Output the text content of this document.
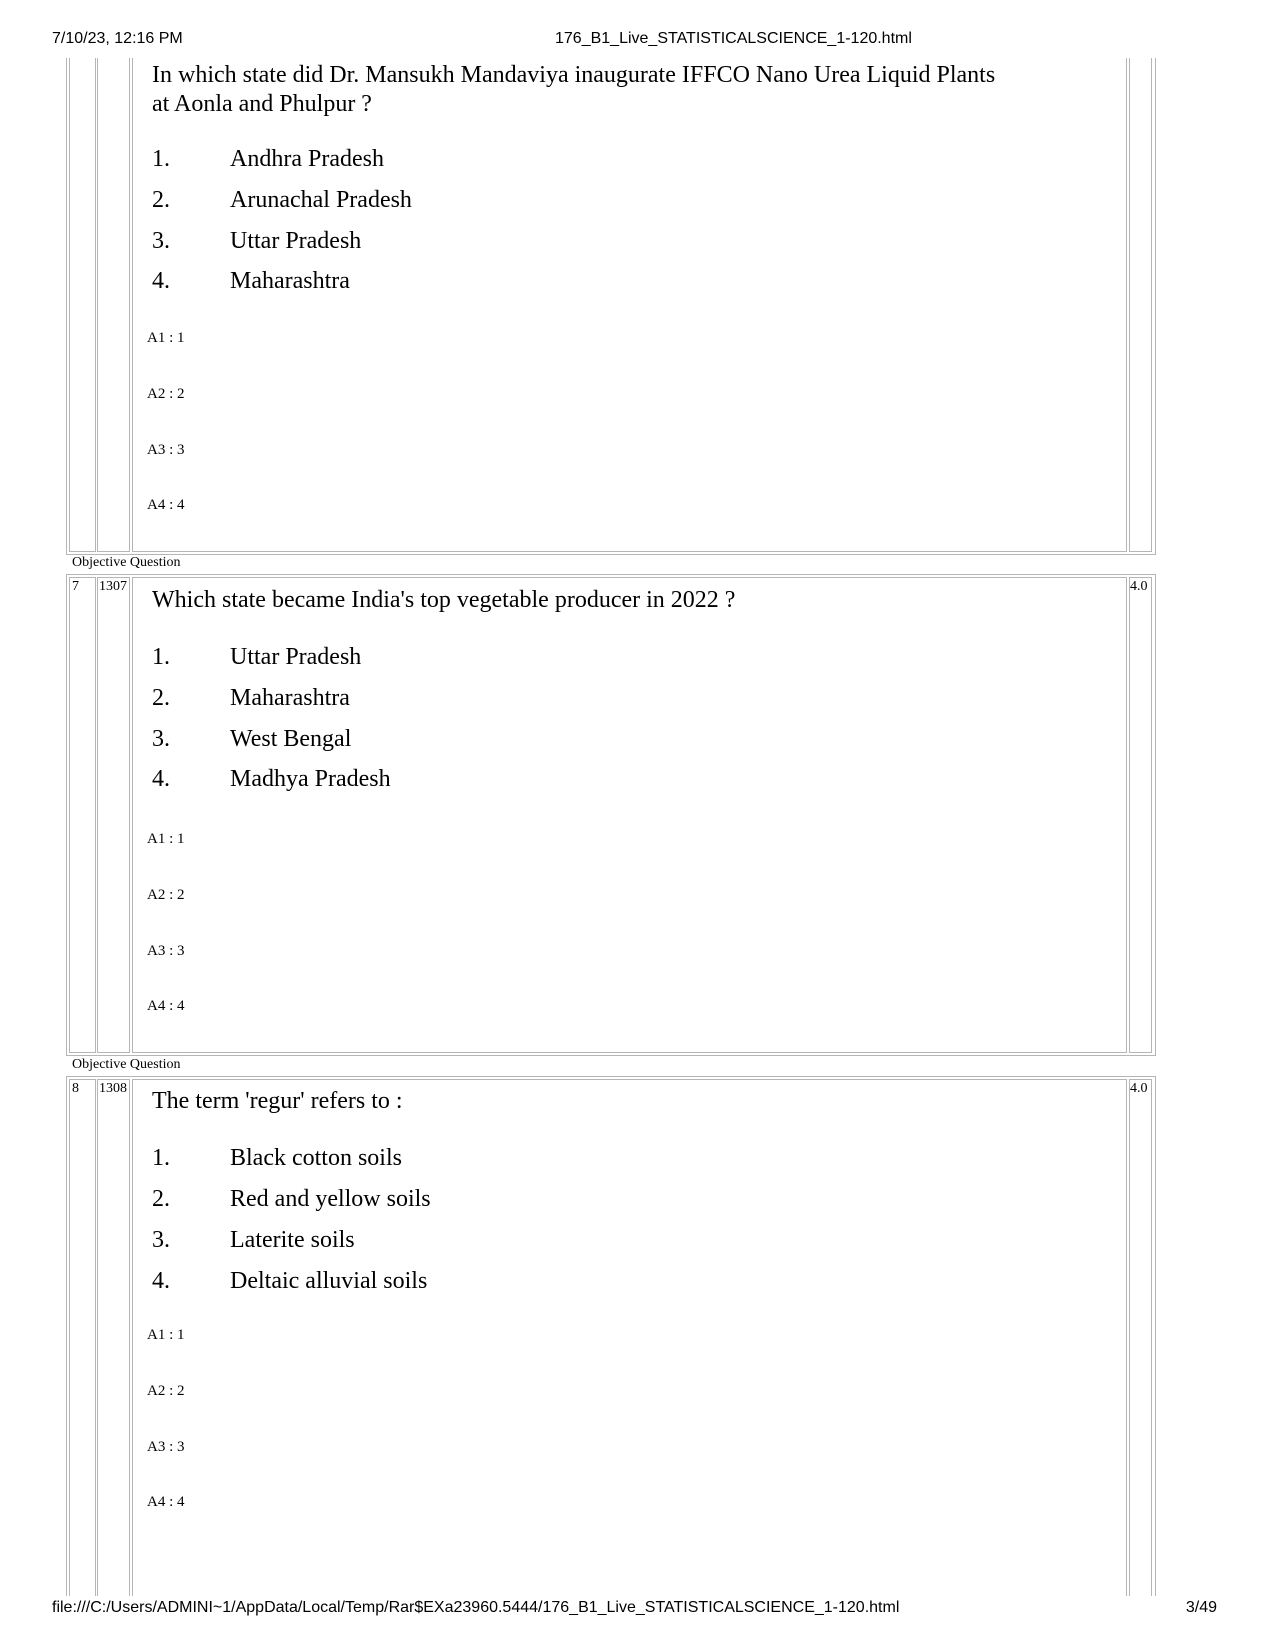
7/10/23, 12:16 PM	176_B1_Live_STATISTICALSCIENCE_1-120.html
In which state did Dr. Mansukh Mandaviya inaugurate IFFCO Nano Urea Liquid Plants
at Aonla and Phulpur ?
1.	Andhra Pradesh
2.	Arunachal Pradesh
3.	Uttar Pradesh
4.	Maharashtra
A1 : 1
A2 : 2
A3 : 3
A4 : 4
Objective Question
7 1307	4.0
Which state became India's top vegetable producer in 2022 ?
1.	Uttar Pradesh
2.	Maharashtra
3.	West Bengal
4.	Madhya Pradesh
A1 : 1
A2 : 2
A3 : 3
A4 : 4
Objective Question
8 1308	4.0
The term 'regur' refers to :
1.	Black cotton soils
2.	Red and yellow soils
3.	Laterite soils
4.	Deltaic alluvial soils
A1 : 1
A2 : 2
A3 : 3
A4 : 4
file:///C:/Users/ADMINI~1/AppData/Local/Temp/Rar$EXa23960.5444/176_B1_Live_STATISTICALSCIENCE_1-120.html	3/49
